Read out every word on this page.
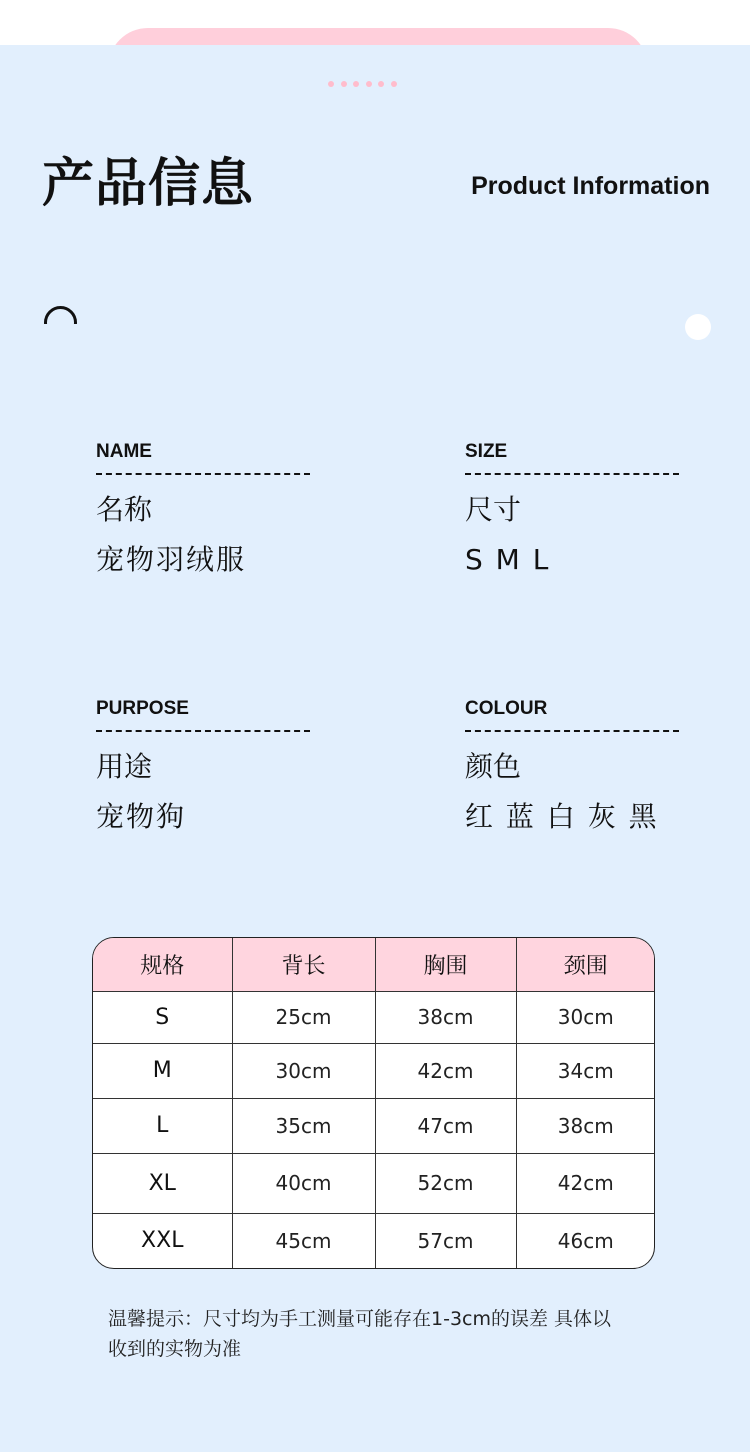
产品信息	Product Information
NAME
名称
宠物羽绒服
SIZE
尺寸
S M L
PURPOSE
用途
宠物狗
COLOUR
颜色
红 蓝 白 灰 黑
规格	背长	胸围	颈围
S	25cm	38cm	30cm
M	30cm	42cm	34cm
L	35cm	47cm	38cm
XL	40cm	52cm	42cm
XXL	45cm	57cm	46cm
温馨提示：尺寸均为手工测量可能存在1-3cm的误差 具体以
收到的实物为准
